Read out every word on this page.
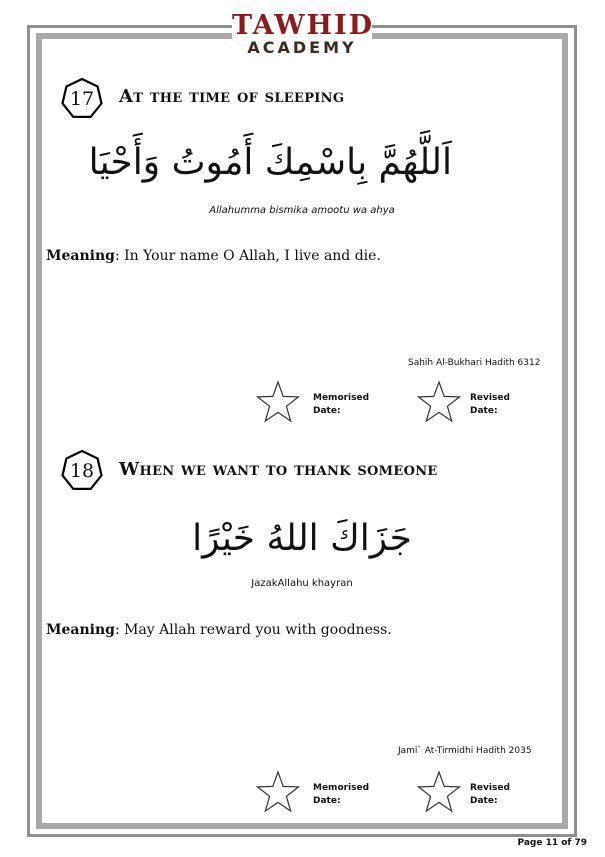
TAWHID
ACADEMY
17	At the time of sleeping
اَللَّهُمَّ بِاسْمِكَ أَمُوتُ وَأَحْيَا
Allahumma bismika amootu wa ahya
Meaning: In Your name O Allah, I live and die.
Sahih Al-Bukhari Hadith 6312
Memorised
Date:
Revised
Date:
18	When we want to thank someone
جَزَاكَ اللهُ خَيْرًا
JazakAllahu khayran
Meaning: May Allah reward you with goodness.
Jami` At-Tirmidhi Hadith 2035
Memorised
Date:
Revised
Date:
Page 11 of 79
